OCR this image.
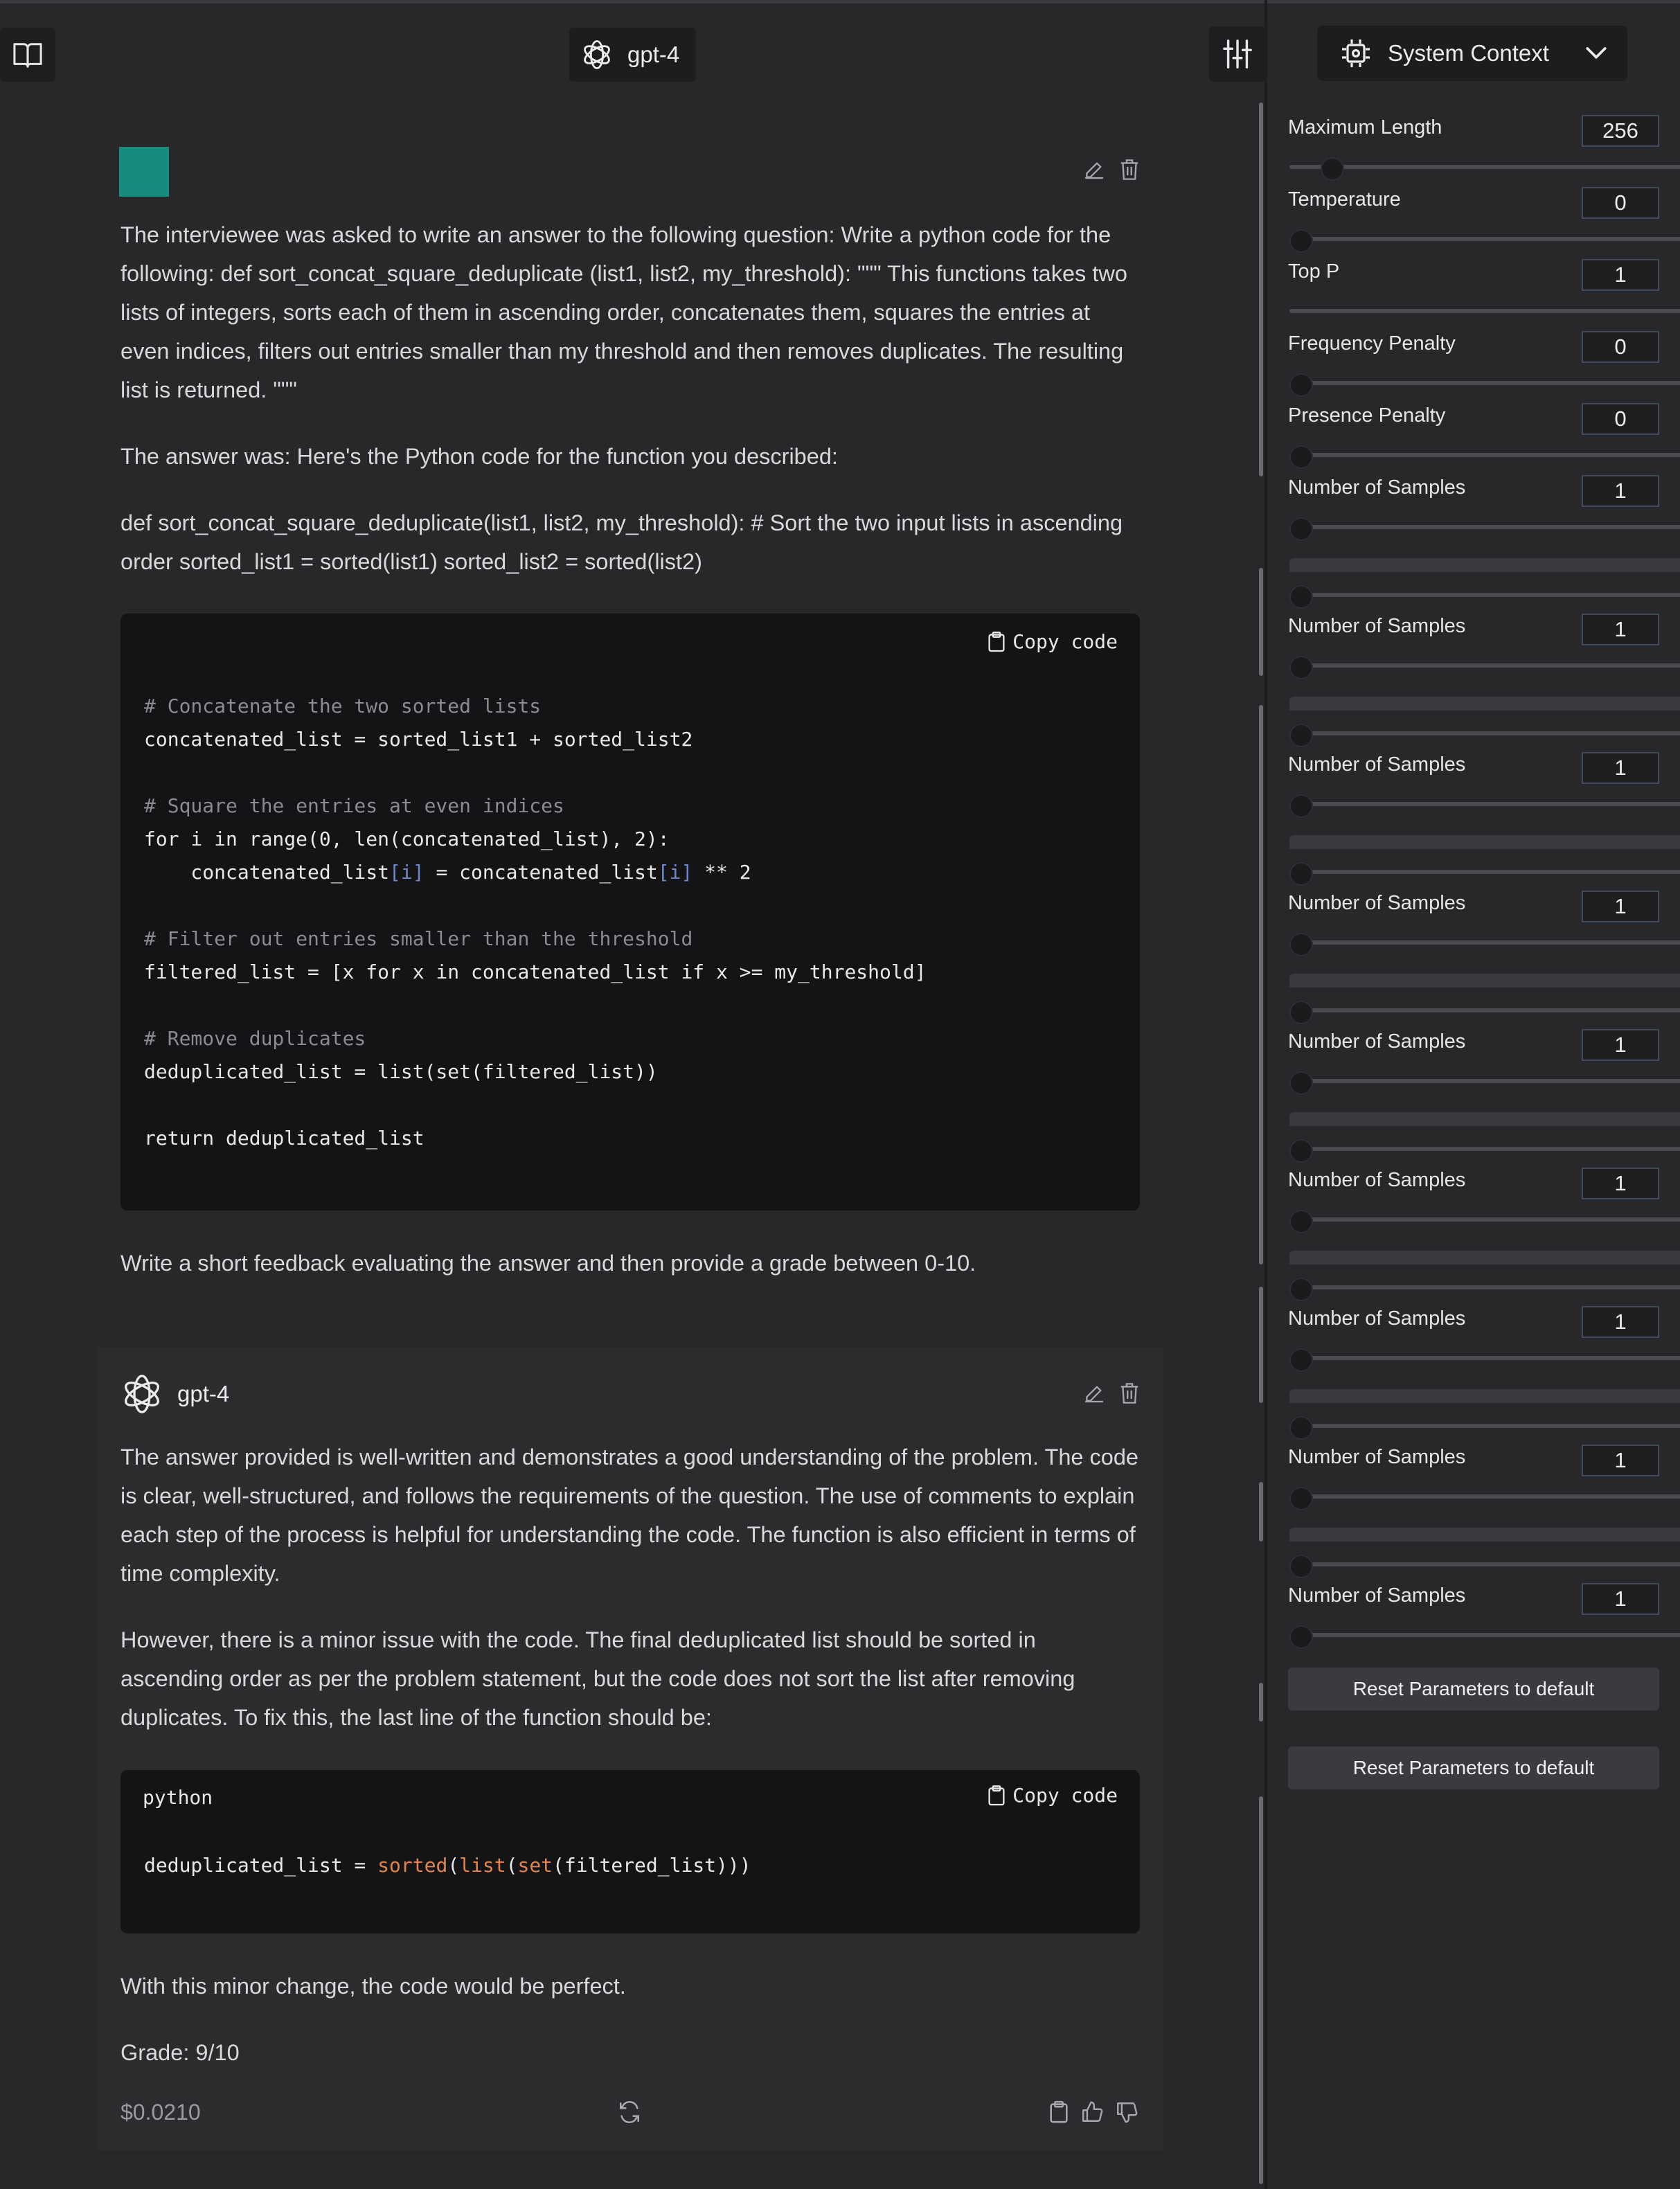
gpt-4	System Context

The interviewee was asked to write an answer to the following question: Write a python code for the following: def sort_concat_square_deduplicate (list1, list2, my_threshold): """ This functions takes two lists of integers, sorts each of them in ascending order, concatenates them, squares the entries at even indices, filters out entries smaller than my threshold and then removes duplicates. The resulting list is returned. """

The answer was: Here's the Python code for the function you described:

def sort_concat_square_deduplicate(list1, list2, my_threshold): # Sort the two input lists in ascending order sorted_list1 = sorted(list1) sorted_list2 = sorted(list2)

Copy code
# Concatenate the two sorted lists
concatenated_list = sorted_list1 + sorted_list2
# Square the entries at even indices
for i in range(0, len(concatenated_list), 2):
concatenated_list[i] = concatenated_list[i] ** 2
# Filter out entries smaller than the threshold
filtered_list = [x for x in concatenated_list if x >= my_threshold]
# Remove duplicates
deduplicated_list = list(set(filtered_list))
return deduplicated_list

Write a short feedback evaluating the answer and then provide a grade between 0-10.

gpt-4

The answer provided is well-written and demonstrates a good understanding of the problem. The code is clear, well-structured, and follows the requirements of the question. The use of comments to explain each step of the process is helpful for understanding the code. The function is also efficient in terms of time complexity.

However, there is a minor issue with the code. The final deduplicated list should be sorted in ascending order as per the problem statement, but the code does not sort the list after removing duplicates. To fix this, the last line of the function should be:

python	Copy code
deduplicated_list = sorted(list(set(filtered_list)))

With this minor change, the code would be perfect.

Grade: 9/10

$0.0210
Maximum Length	256
Temperature	0
Top P	1
Frequency Penalty	0
Presence Penalty	0
Number of Samples	1
Number of Samples	1
Number of Samples	1
Number of Samples	1
Number of Samples	1
Number of Samples	1
Number of Samples	1
Number of Samples	1
Number of Samples	1
Reset Parameters to default
Reset Parameters to default
